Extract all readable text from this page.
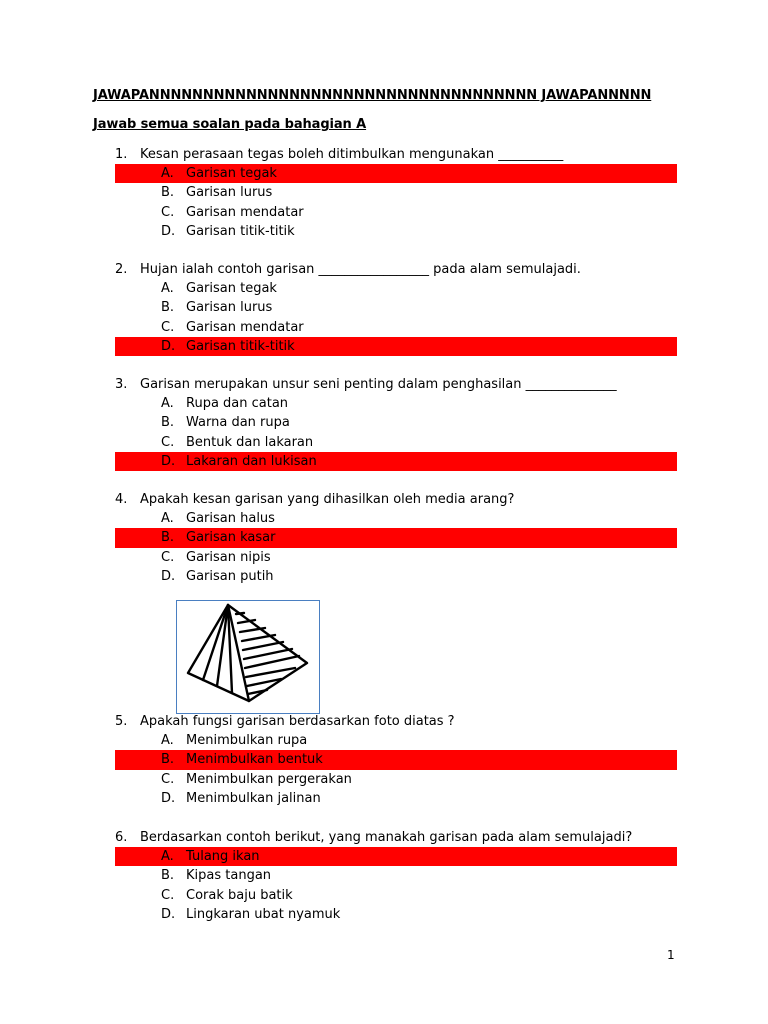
JAWAPANNNNNNNNNNNNNNNNNNNNNNNNNNNNNNNNNNNN JAWAPANNNNN
Jawab semua soalan pada bahagian A
1. Kesan perasaan tegas boleh ditimbulkan mengunakan __________
A. Garisan tegak
B. Garisan lurus
C. Garisan mendatar
D. Garisan titik-titik
2. Hujan ialah contoh garisan _________________ pada alam semulajadi.
A. Garisan tegak
B. Garisan lurus
C. Garisan mendatar
D. Garisan titik-titik
3. Garisan merupakan unsur seni penting dalam penghasilan ______________
A. Rupa dan catan
B. Warna dan rupa
C. Bentuk dan lakaran
D. Lakaran dan lukisan
4. Apakah kesan garisan yang dihasilkan oleh media arang?
A. Garisan halus
B. Garisan kasar
C. Garisan nipis
D. Garisan putih
5. Apakah fungsi garisan berdasarkan foto diatas ?
A. Menimbulkan rupa
B. Menimbulkan bentuk
C. Menimbulkan pergerakan
D. Menimbulkan jalinan
6. Berdasarkan contoh berikut, yang manakah garisan pada alam semulajadi?
A. Tulang ikan
B. Kipas tangan
C. Corak baju batik
D. Lingkaran ubat nyamuk
1
